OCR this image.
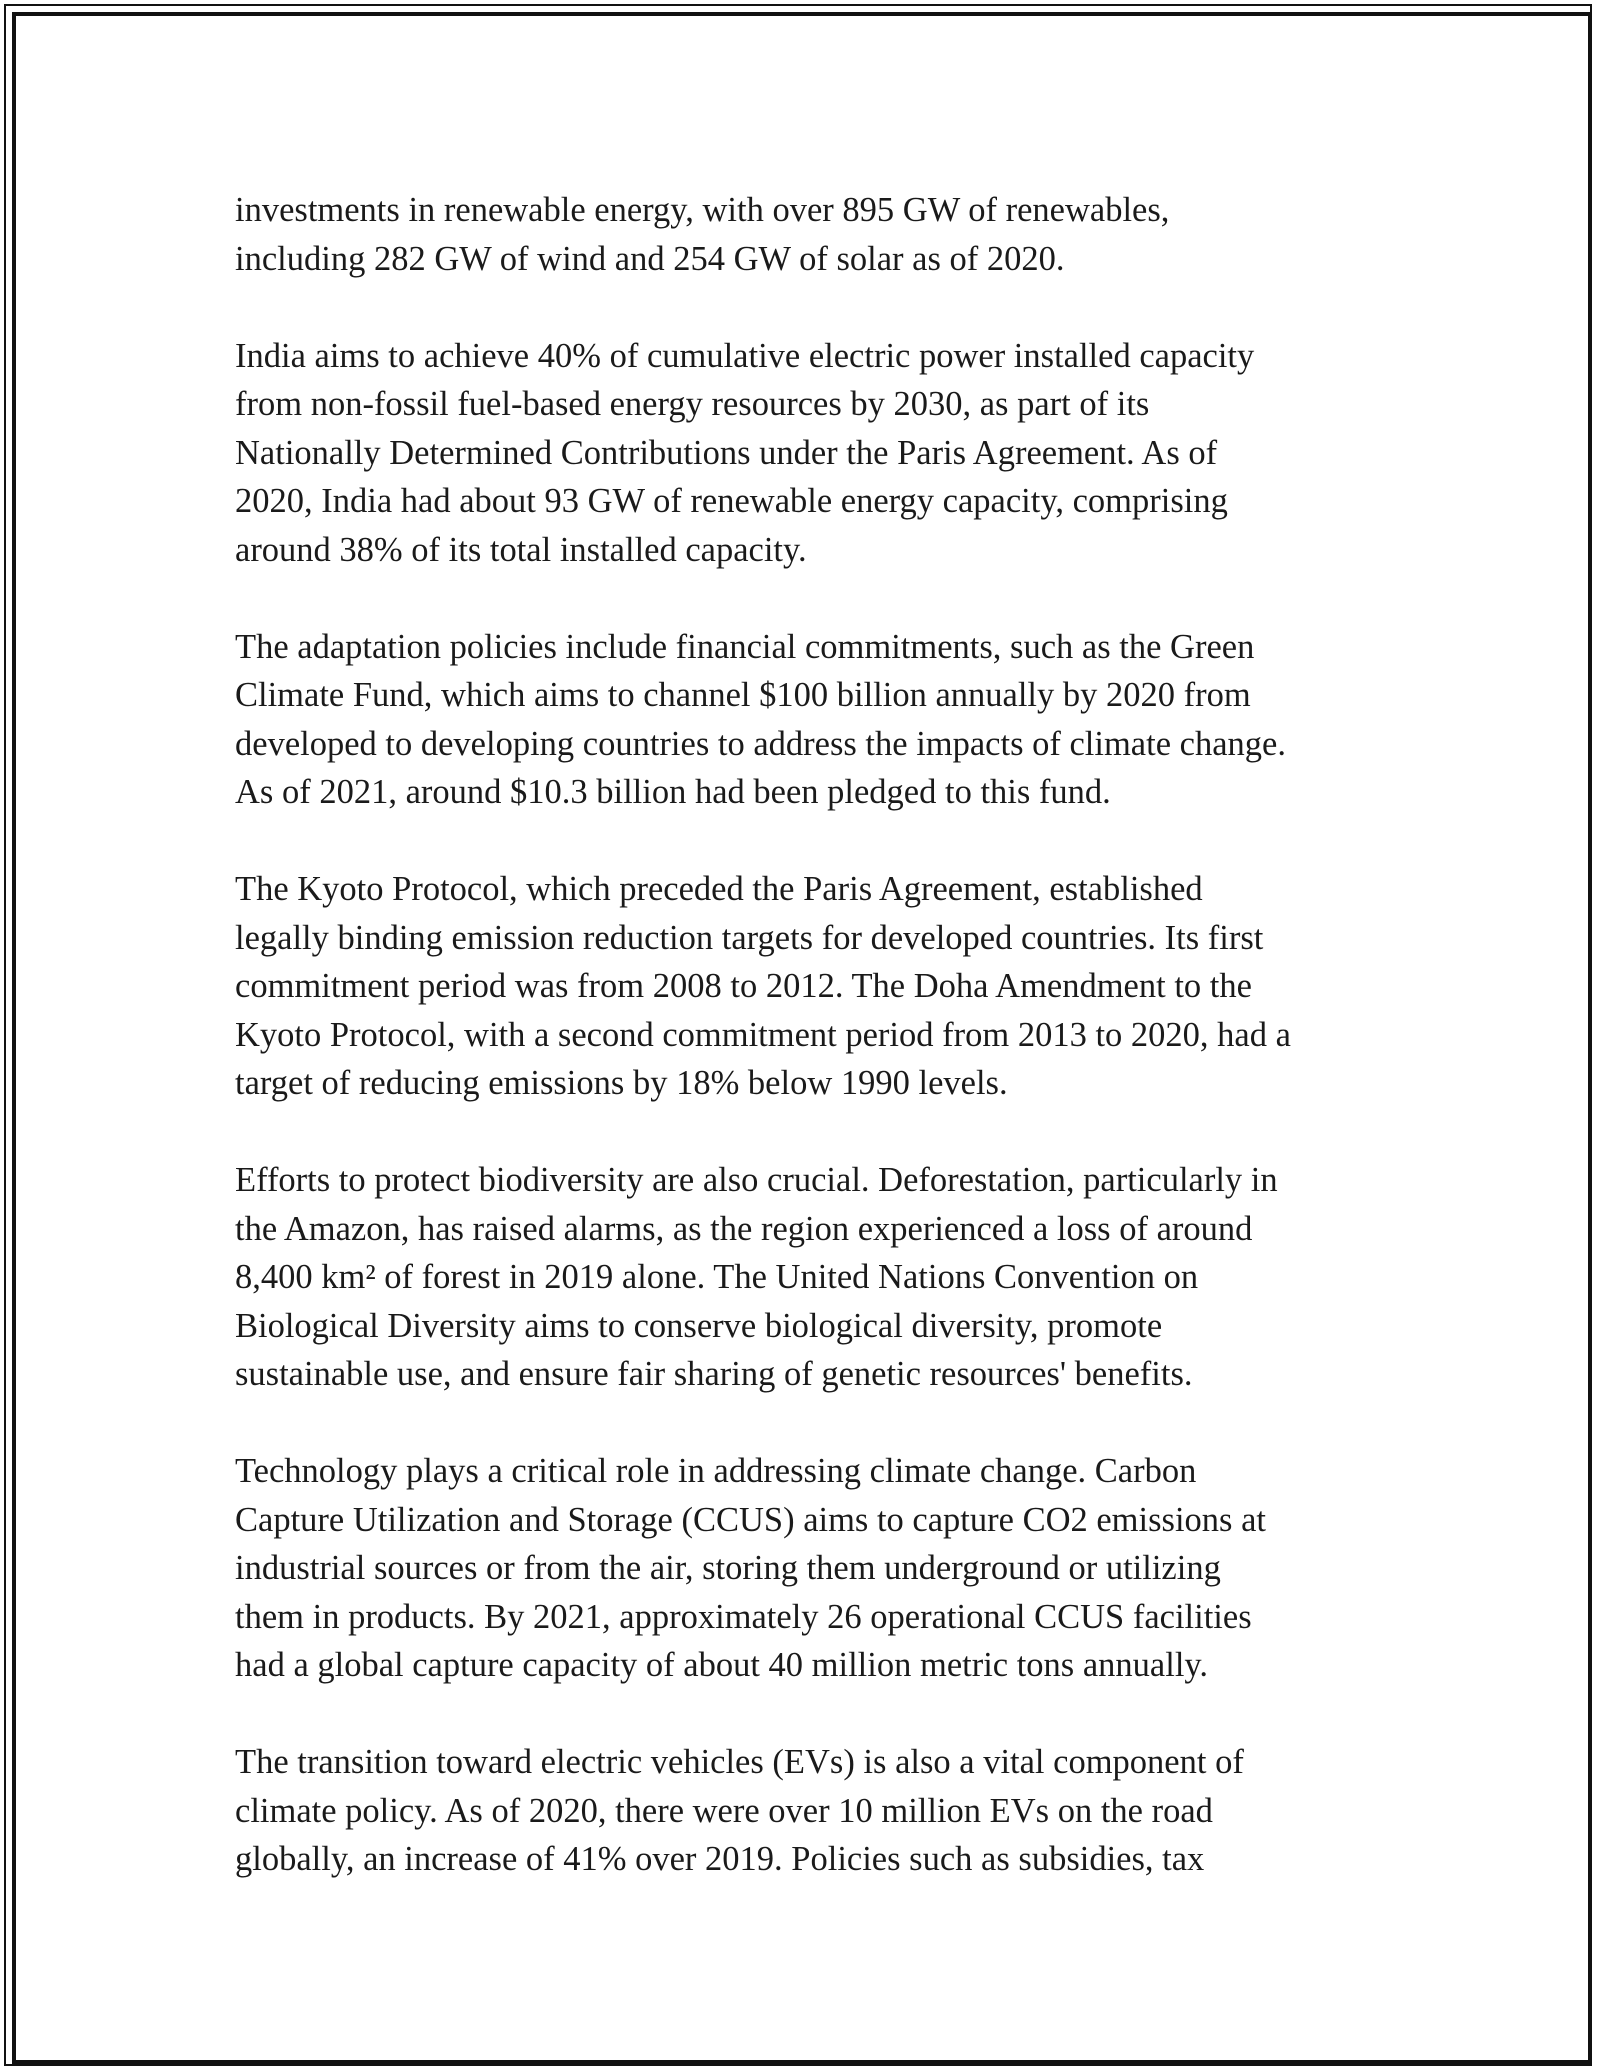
investments in renewable energy, with over 895 GW of renewables,
including 282 GW of wind and 254 GW of solar as of 2020.

India aims to achieve 40% of cumulative electric power installed capacity
from non-fossil fuel-based energy resources by 2030, as part of its
Nationally Determined Contributions under the Paris Agreement. As of
2020, India had about 93 GW of renewable energy capacity, comprising
around 38% of its total installed capacity.

The adaptation policies include financial commitments, such as the Green
Climate Fund, which aims to channel $100 billion annually by 2020 from
developed to developing countries to address the impacts of climate change.
As of 2021, around $10.3 billion had been pledged to this fund.

The Kyoto Protocol, which preceded the Paris Agreement, established
legally binding emission reduction targets for developed countries. Its first
commitment period was from 2008 to 2012. The Doha Amendment to the
Kyoto Protocol, with a second commitment period from 2013 to 2020, had a
target of reducing emissions by 18% below 1990 levels.

Efforts to protect biodiversity are also crucial. Deforestation, particularly in
the Amazon, has raised alarms, as the region experienced a loss of around
8,400 km² of forest in 2019 alone. The United Nations Convention on
Biological Diversity aims to conserve biological diversity, promote
sustainable use, and ensure fair sharing of genetic resources' benefits.

Technology plays a critical role in addressing climate change. Carbon
Capture Utilization and Storage (CCUS) aims to capture CO2 emissions at
industrial sources or from the air, storing them underground or utilizing
them in products. By 2021, approximately 26 operational CCUS facilities
had a global capture capacity of about 40 million metric tons annually.

The transition toward electric vehicles (EVs) is also a vital component of
climate policy. As of 2020, there were over 10 million EVs on the road
globally, an increase of 41% over 2019. Policies such as subsidies, tax
